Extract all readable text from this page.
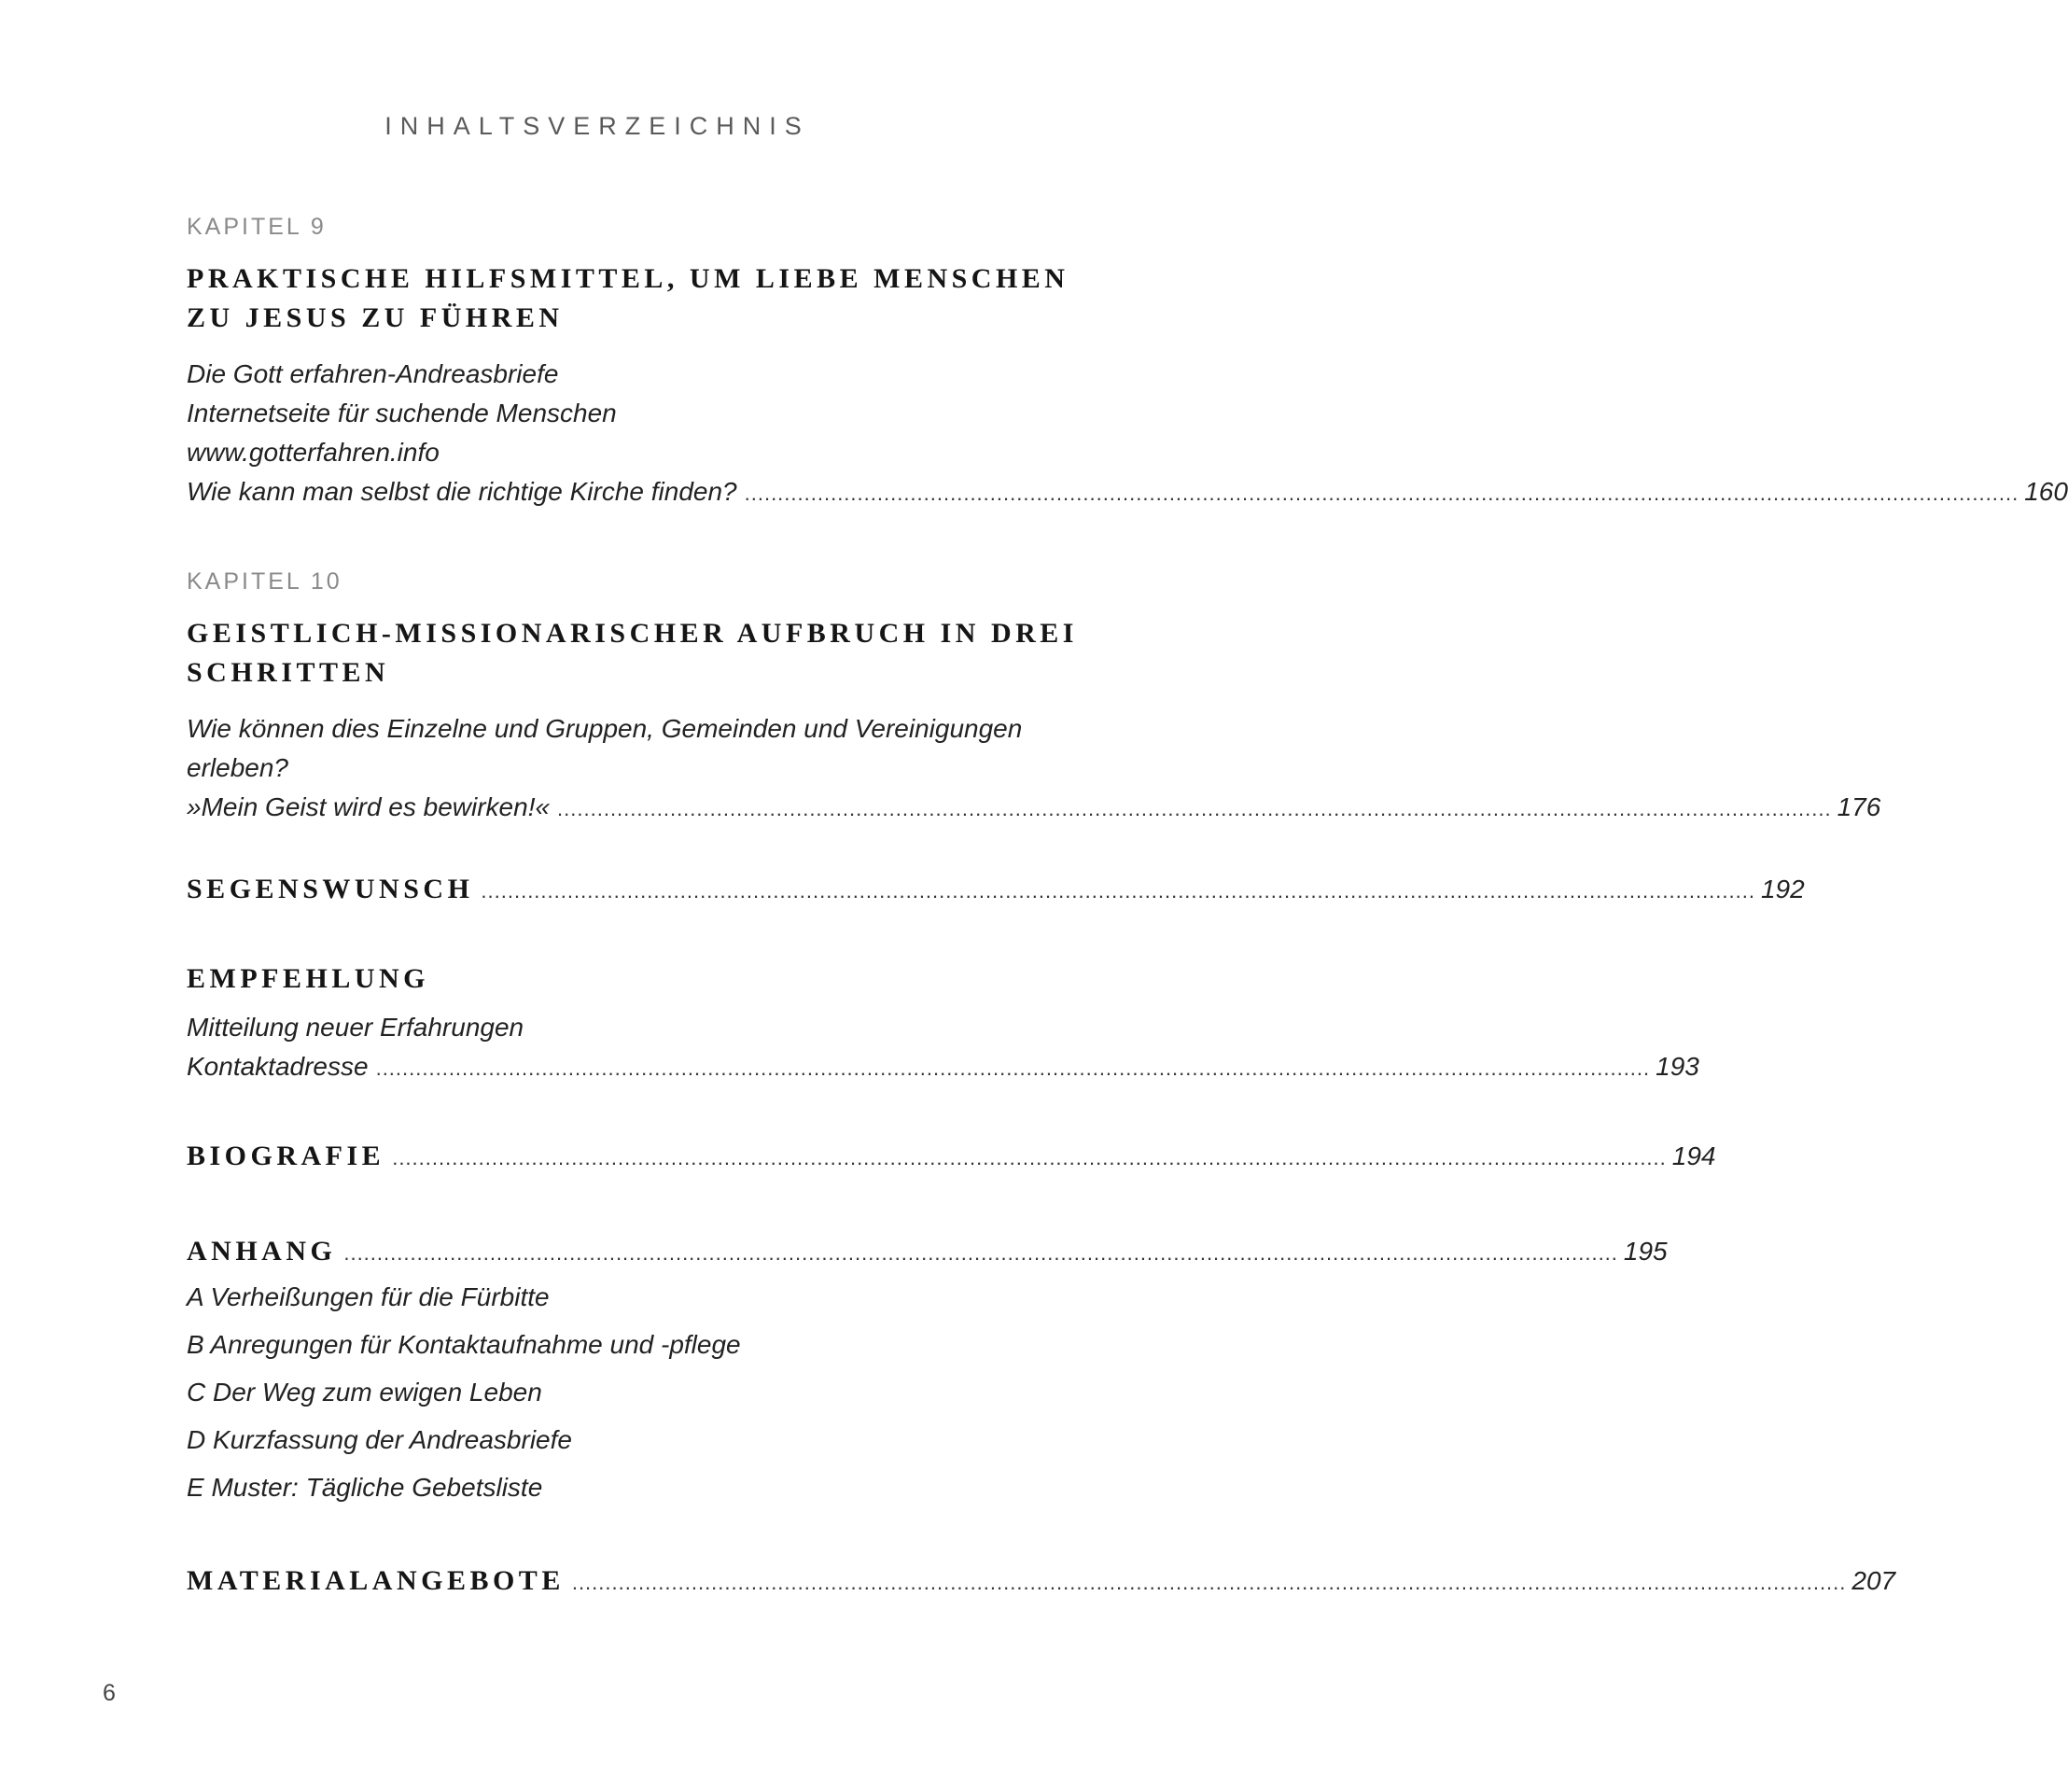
INHALTSVERZEICHNIS
KAPITEL 9
PRAKTISCHE HILFSMITTEL, UM LIEBE MENSCHEN ZU JESUS ZU FÜHREN
Die Gott erfahren-Andreasbriefe
Internetseite für suchende Menschen
www.gotterfahren.info
Wie kann man selbst die richtige Kirche finden? ................................................................................................................................................................................................ 160
KAPITEL 10
GEISTLICH-MISSIONARISCHER AUFBRUCH IN DREI SCHRITTEN
Wie können dies Einzelne und Gruppen, Gemeinden und Vereinigungen erleben?
»Mein Geist wird es bewirken!« ................................................................................................................................................................................................ 176
SEGENSWUNSCH ................................................................................................................................................................................................ 192
EMPFEHLUNG
Mitteilung neuer Erfahrungen
Kontaktadresse ................................................................................................................................................................................................ 193
BIOGRAFIE ................................................................................................................................................................................................ 194
ANHANG ................................................................................................................................................................................................ 195
A Verheißungen für die Fürbitte
B Anregungen für Kontaktaufnahme und -pflege
C Der Weg zum ewigen Leben
D Kurzfassung der Andreasbriefe
E Muster: Tägliche Gebetsliste
MATERIALANGEBOTE ................................................................................................................................................................................................ 207
6
